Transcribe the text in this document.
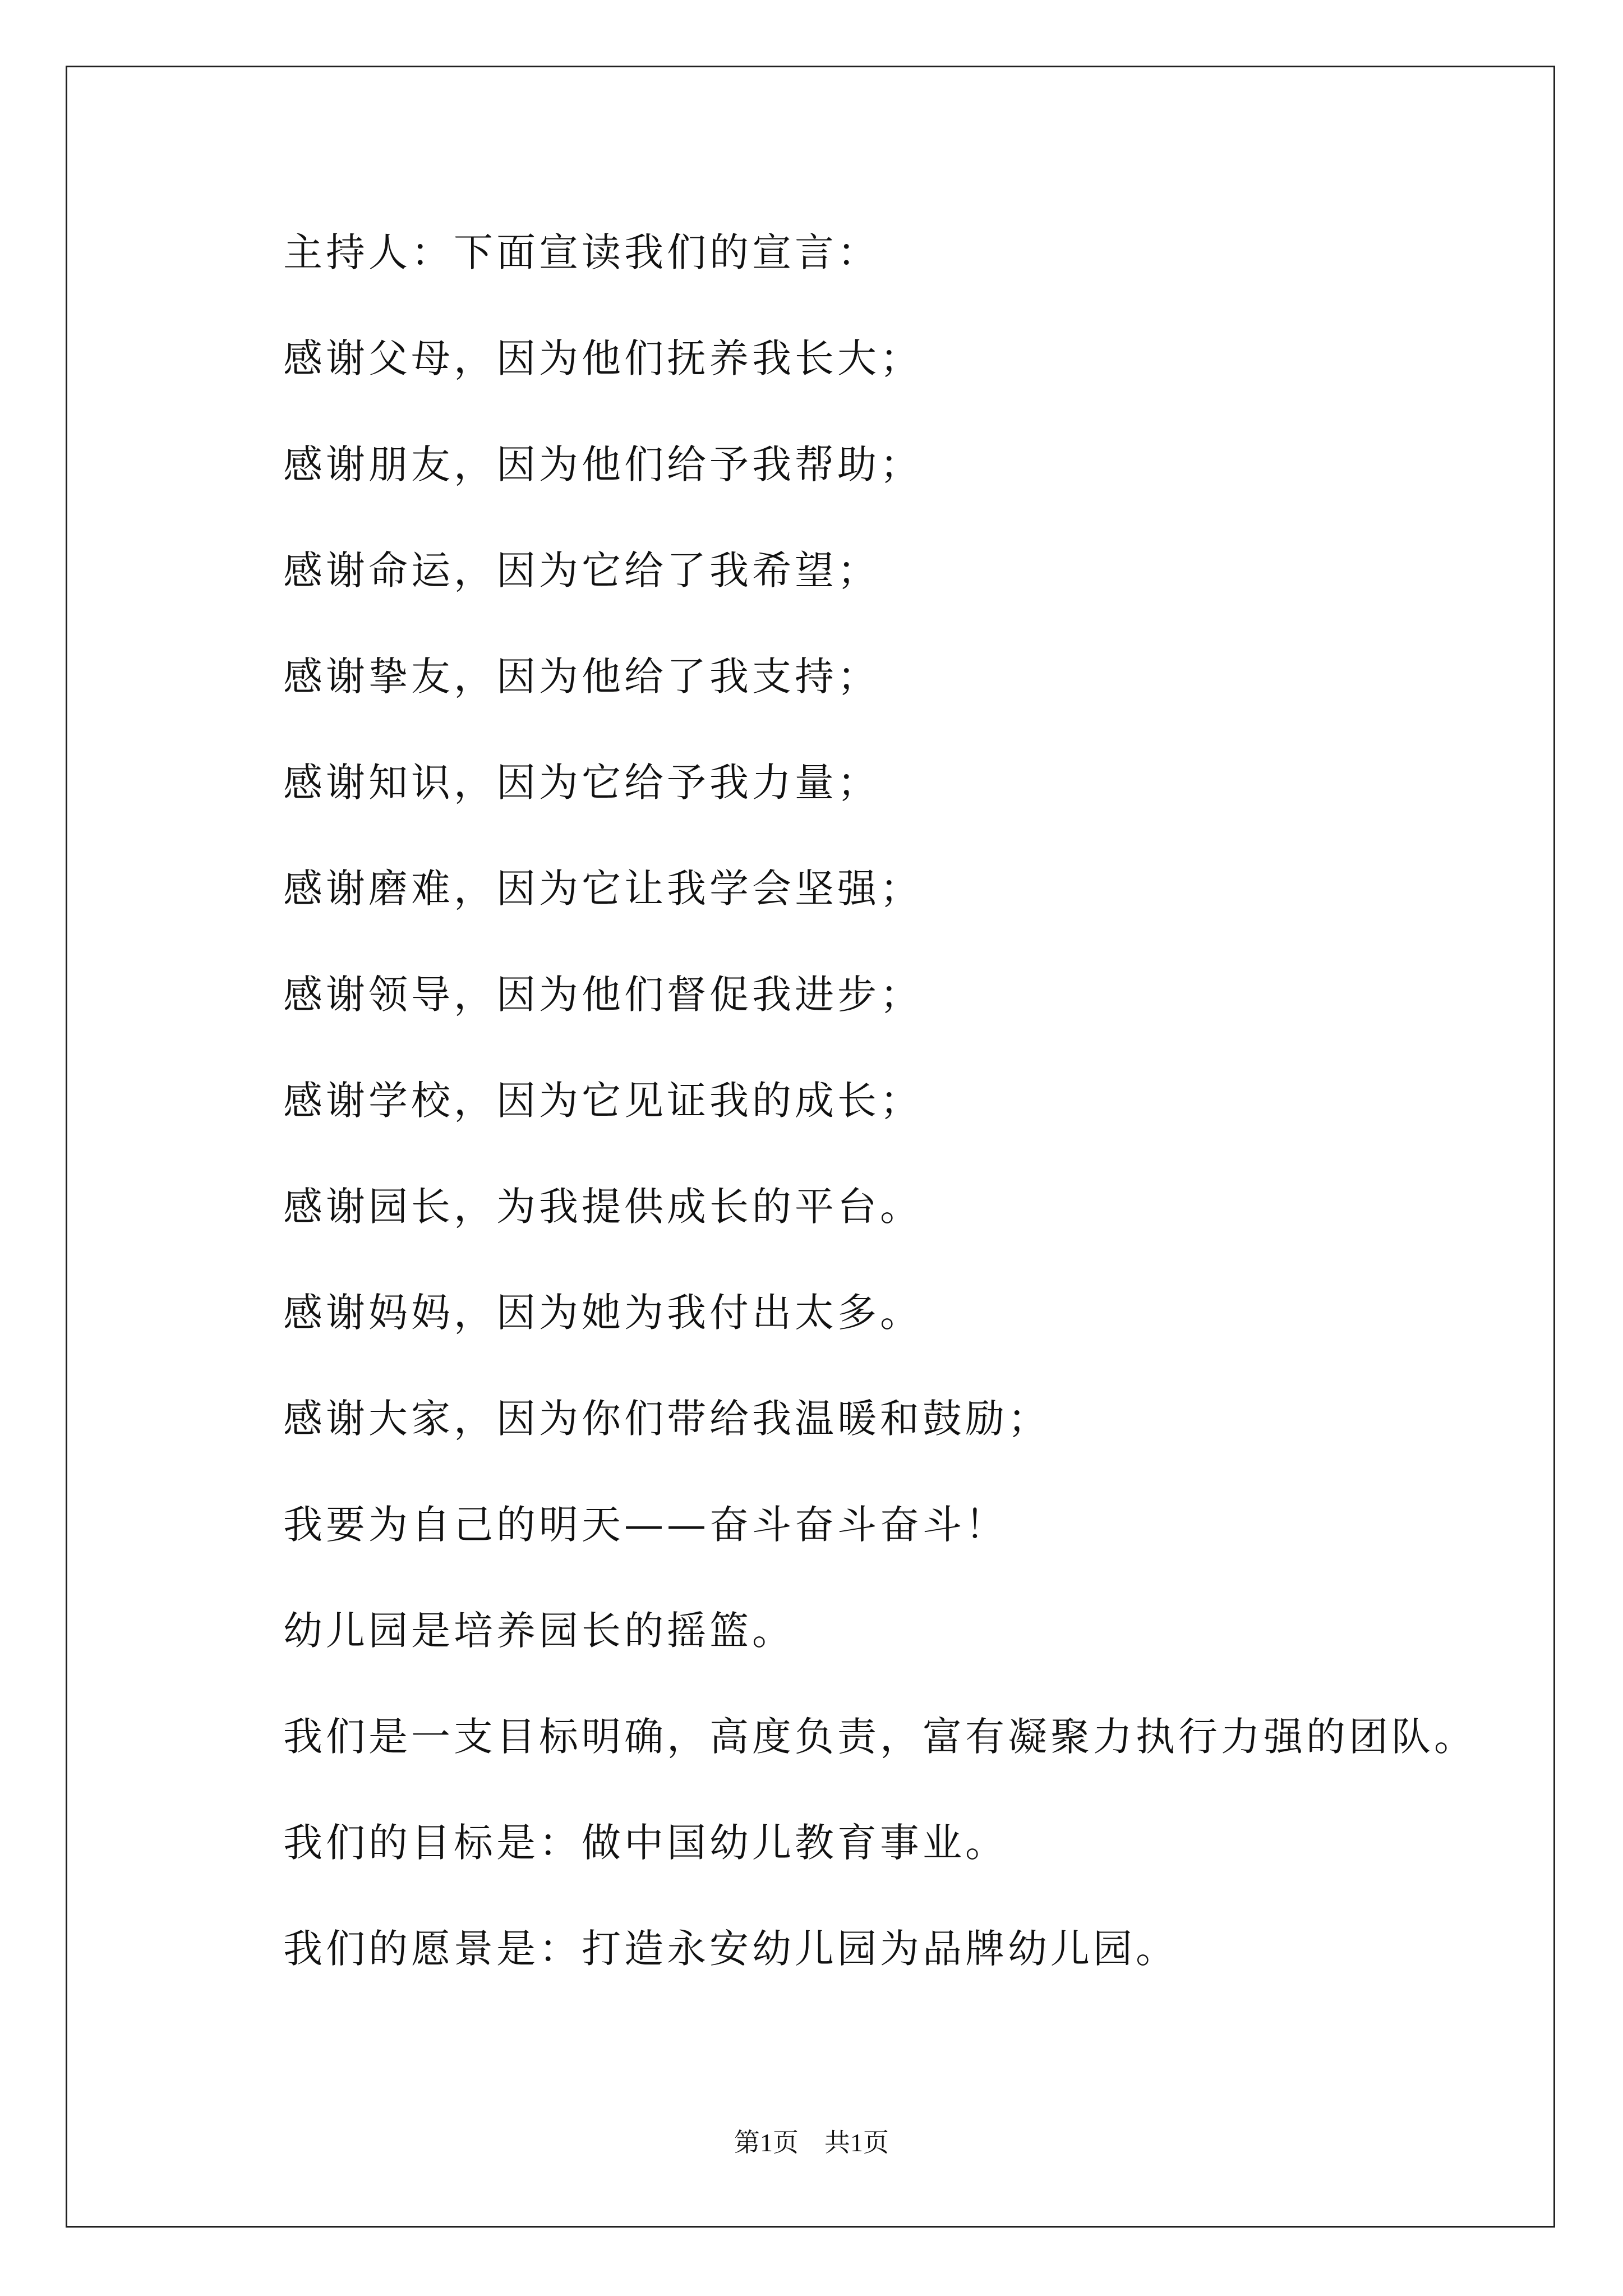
主持人：下面宣读我们的宣言：
感谢父母，因为他们抚养我长大；
感谢朋友，因为他们给予我帮助；
感谢命运，因为它给了我希望；
感谢挚友，因为他给了我支持；
感谢知识，因为它给予我力量；
感谢磨难，因为它让我学会坚强；
感谢领导，因为他们督促我进步；
感谢学校，因为它见证我的成长；
感谢园长，为我提供成长的平台。
感谢妈妈，因为她为我付出太多。
感谢大家，因为你们带给我温暖和鼓励；
我要为自己的明天——奋斗奋斗奋斗！
幼儿园是培养园长的摇篮。
我们是一支目标明确，高度负责，富有凝聚力执行力强的团队。
我们的目标是：做中国幼儿教育事业。
我们的愿景是：打造永安幼儿园为品牌幼儿园。
第1页 共1页
